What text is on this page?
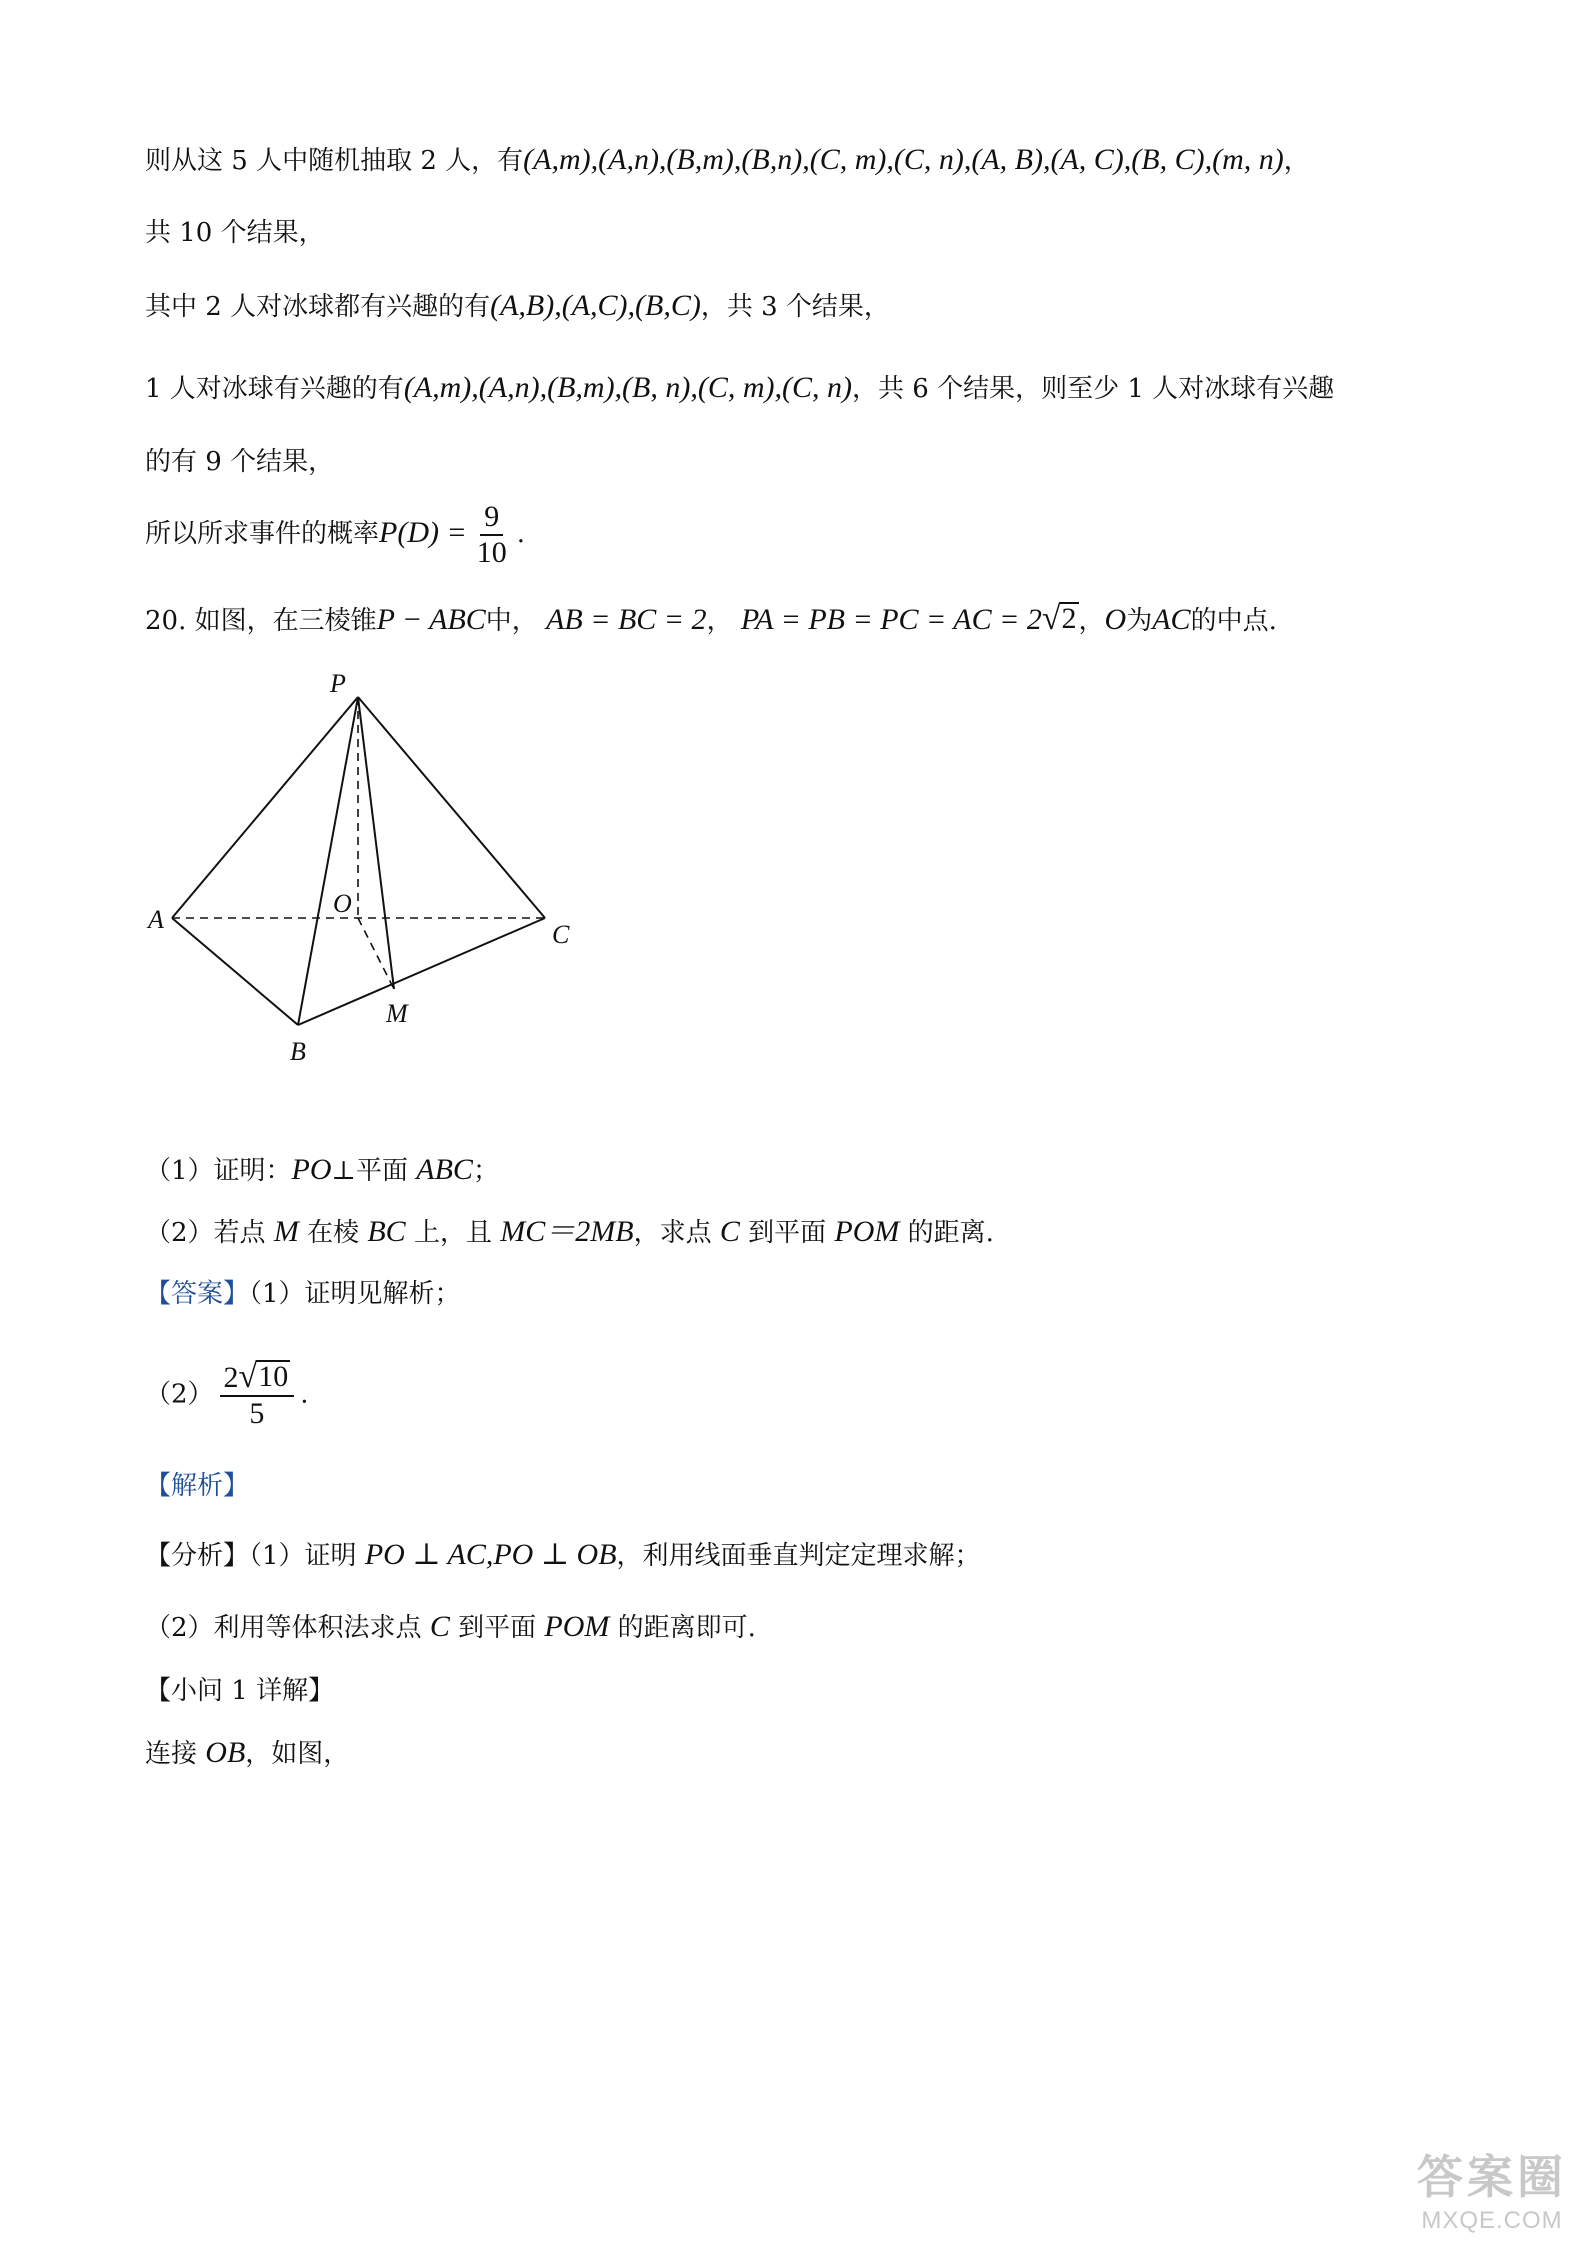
则从这 5 人中随机抽取 2 人，有(A,m),(A,n),(B,m),(B,n),(C, m),(C, n),(A, B),(A, C),(B, C),(m, n)，
共 10 个结果，
其中 2 人对冰球都有兴趣的有(A,B),(A,C),(B,C)，共 3 个结果，
1 人对冰球有兴趣的有(A,m),(A,n),(B,m),(B, n),(C, m),(C, n)，共 6 个结果，则至少 1 人对冰球有兴趣
的有 9 个结果，
所以所求事件的概率$P(D) = \frac{9}{10}$ .
20. 如图，在三棱锥P − ABC中， AB = BC = 2， PA = PB = PC = AC = 2 √ 2 ，O为AC的中点.
P
A
C
O
M
B
（1）证明：PO⊥平面 ABC；
（2）若点 M 在棱 BC 上，且 MC＝2MB，求点 C 到平面 POM 的距离.
【答案】（1）证明见解析；
$(2) \frac{2 √ 10}{5}$ .
【解析】
【分析】（1）证明 PO ⊥ AC,PO ⊥ OB，利用线面垂直判定定理求解；
（2）利用等体积法求点 C 到平面 POM 的距离即可.
【小问 1 详解】
连接 OB，如图，
答案圈
MXQE.COM
